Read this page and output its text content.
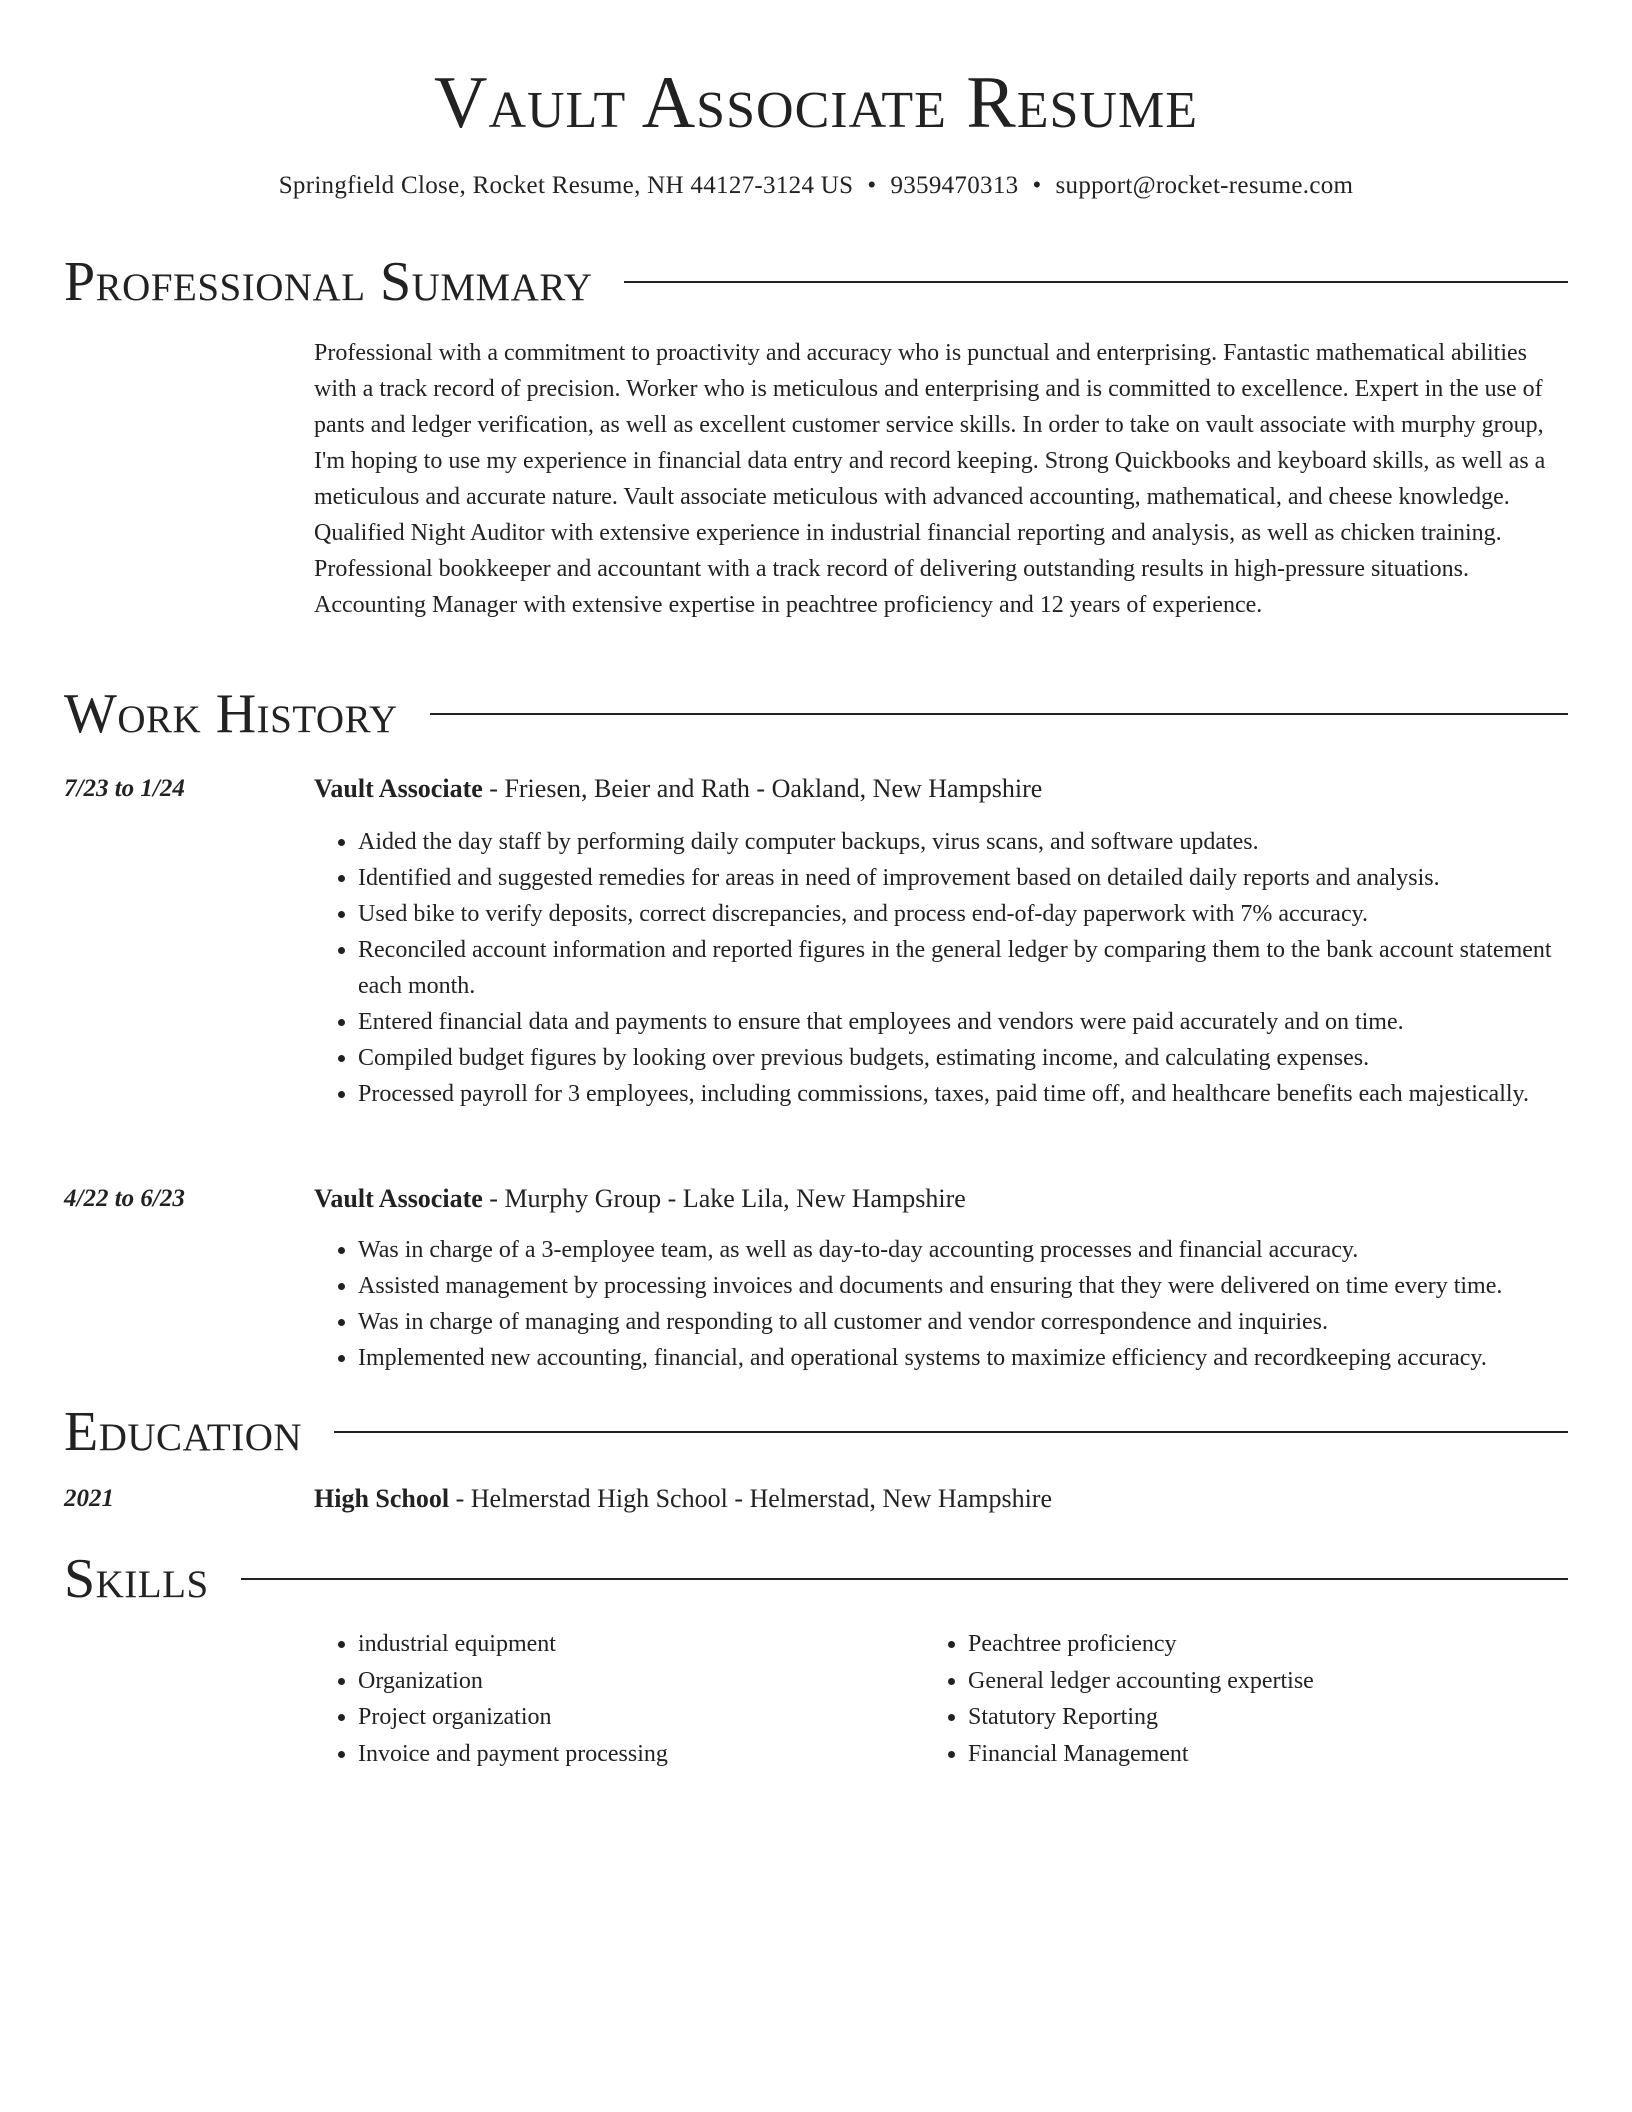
Vault Associate Resume
Springfield Close, Rocket Resume, NH 44127-3124 US • 9359470313 • support@rocket-resume.com
Professional Summary
Professional with a commitment to proactivity and accuracy who is punctual and enterprising. Fantastic mathematical abilities with a track record of precision. Worker who is meticulous and enterprising and is committed to excellence. Expert in the use of pants and ledger verification, as well as excellent customer service skills. In order to take on vault associate with murphy group, I'm hoping to use my experience in financial data entry and record keeping. Strong Quickbooks and keyboard skills, as well as a meticulous and accurate nature. Vault associate meticulous with advanced accounting, mathematical, and cheese knowledge. Qualified Night Auditor with extensive experience in industrial financial reporting and analysis, as well as chicken training. Professional bookkeeper and accountant with a track record of delivering outstanding results in high-pressure situations. Accounting Manager with extensive expertise in peachtree proficiency and 12 years of experience.
Work History
7/23 to 1/24	Vault Associate - Friesen, Beier and Rath - Oakland, New Hampshire
• Aided the day staff by performing daily computer backups, virus scans, and software updates.
• Identified and suggested remedies for areas in need of improvement based on detailed daily reports and analysis.
• Used bike to verify deposits, correct discrepancies, and process end-of-day paperwork with 7% accuracy.
• Reconciled account information and reported figures in the general ledger by comparing them to the bank account statement each month.
• Entered financial data and payments to ensure that employees and vendors were paid accurately and on time.
• Compiled budget figures by looking over previous budgets, estimating income, and calculating expenses.
• Processed payroll for 3 employees, including commissions, taxes, paid time off, and healthcare benefits each majestically.
4/22 to 6/23	Vault Associate - Murphy Group - Lake Lila, New Hampshire
• Was in charge of a 3-employee team, as well as day-to-day accounting processes and financial accuracy.
• Assisted management by processing invoices and documents and ensuring that they were delivered on time every time.
• Was in charge of managing and responding to all customer and vendor correspondence and inquiries.
• Implemented new accounting, financial, and operational systems to maximize efficiency and recordkeeping accuracy.
Education
2021	High School - Helmerstad High School - Helmerstad, New Hampshire
Skills
• industrial equipment
• Organization
• Project organization
• Invoice and payment processing
• Peachtree proficiency
• General ledger accounting expertise
• Statutory Reporting
• Financial Management
